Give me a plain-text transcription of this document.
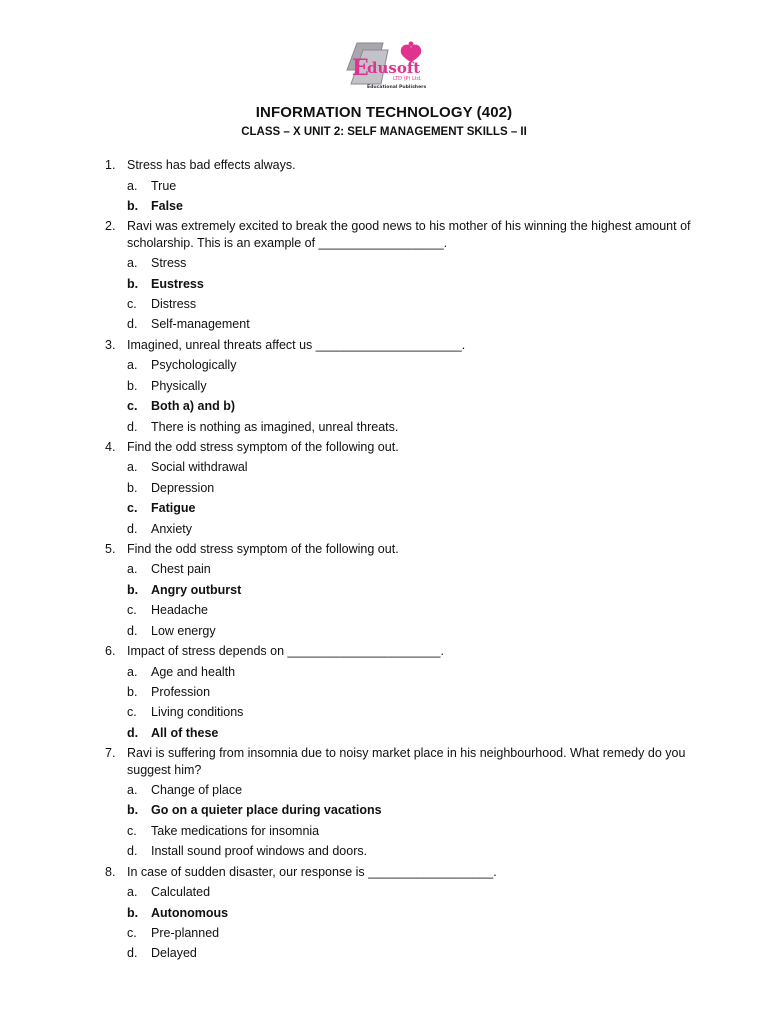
E
dusoft
LTD (P) Ltd.
Educational Publishers
INFORMATION TECHNOLOGY (402)
CLASS – X UNIT 2: SELF MANAGEMENT SKILLS – II
1. Stress has bad effects always.
a. True
b. False
2. Ravi was extremely excited to break the good news to his mother of his winning the highest amount of scholarship. This is an example of __________________.
a. Stress
b. Eustress
c. Distress
d. Self-management
3. Imagined, unreal threats affect us _____________________.
a. Psychologically
b. Physically
c. Both a) and b)
d. There is nothing as imagined, unreal threats.
4. Find the odd stress symptom of the following out.
a. Social withdrawal
b. Depression
c. Fatigue
d. Anxiety
5. Find the odd stress symptom of the following out.
a. Chest pain
b. Angry outburst
c. Headache
d. Low energy
6. Impact of stress depends on ______________________.
a. Age and health
b. Profession
c. Living conditions
d. All of these
7. Ravi is suffering from insomnia due to noisy market place in his neighbourhood. What remedy do you suggest him?
a. Change of place
b. Go on a quieter place during vacations
c. Take medications for insomnia
d. Install sound proof windows and doors.
8. In case of sudden disaster, our response is __________________.
a. Calculated
b. Autonomous
c. Pre-planned
d. Delayed
